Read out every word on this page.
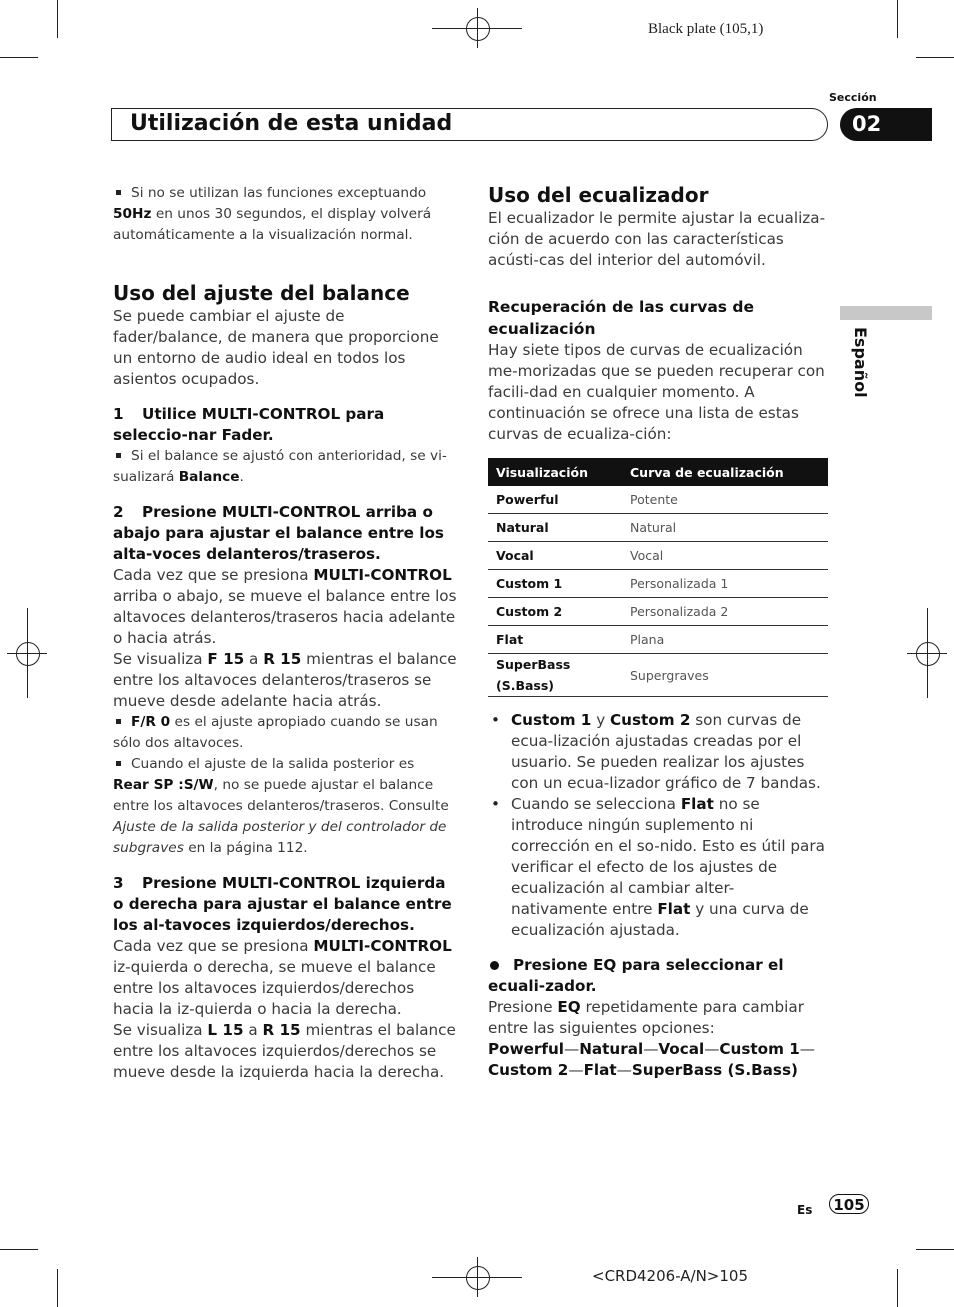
Black plate (105,1)
Sección
Utilización de esta unidad	02
Español

Si no se utilizan las funciones exceptuando
50Hz en unos 30 segundos, el display volverá automáticamente a la visualización normal.

Uso del ajuste del balance

Se puede cambiar el ajuste de fader/balance, de manera que proporcione un entorno de audio ideal en todos los asientos ocupados.

1 Utilice MULTI-CONTROL para seleccio-nar Fader.

Si el balance se ajustó con anterioridad, se vi-sualizará Balance.

2 Presione MULTI-CONTROL arriba o abajo para ajustar el balance entre los alta-voces delanteros/traseros.

Cada vez que se presiona MULTI-CONTROL arriba o abajo, se mueve el balance entre los altavoces delanteros/traseros hacia adelante o hacia atrás.

Se visualiza F 15 a R 15 mientras el balance entre los altavoces delanteros/traseros se mueve desde adelante hacia atrás.

F/R 0 es el ajuste apropiado cuando se usan sólo dos altavoces.

Cuando el ajuste de la salida posterior es
Rear SP :S/W, no se puede ajustar el balance entre los altavoces delanteros/traseros. Consulte Ajuste de la salida posterior y del controlador de subgraves en la página 112.

3 Presione MULTI-CONTROL izquierda o derecha para ajustar el balance entre los al-tavoces izquierdos/derechos.

Cada vez que se presiona MULTI-CONTROL iz-quierda o derecha, se mueve el balance entre los altavoces izquierdos/derechos hacia la iz-quierda o hacia la derecha.

Se visualiza L 15 a R 15 mientras el balance entre los altavoces izquierdos/derechos se mueve desde la izquierda hacia la derecha.

Uso del ecualizador

El ecualizador le permite ajustar la ecualiza-ción de acuerdo con las características acústi-cas del interior del automóvil.

Recuperación de las curvas de ecualización

Hay siete tipos de curvas de ecualización me-morizadas que se pueden recuperar con facili-dad en cualquier momento. A continuación se ofrece una lista de estas curvas de ecualiza-ción:

Visualización	Curva de ecualización
Powerful	Potente
Natural	Natural
Vocal	Vocal
Custom 1	Personalizada 1
Custom 2	Personalizada 2
Flat	Plana
SuperBass (S.Bass)	Supergraves

• Custom 1 y Custom 2 son curvas de ecua-lización ajustadas creadas por el usuario. Se pueden realizar los ajustes con un ecua-lizador gráfico de 7 bandas.

• Cuando se selecciona Flat no se introduce ningún suplemento ni corrección en el so-nido. Esto es útil para verificar el efecto de los ajustes de ecualización al cambiar alter-nativamente entre Flat y una curva de ecualización ajustada.

Presione EQ para seleccionar el ecuali-zador.

Presione EQ repetidamente para cambiar entre las siguientes opciones:

Powerful—Natural—Vocal—Custom 1—
Custom 2—Flat—SuperBass (S.Bass)

Es 105
<CRD4206-A/N>105
